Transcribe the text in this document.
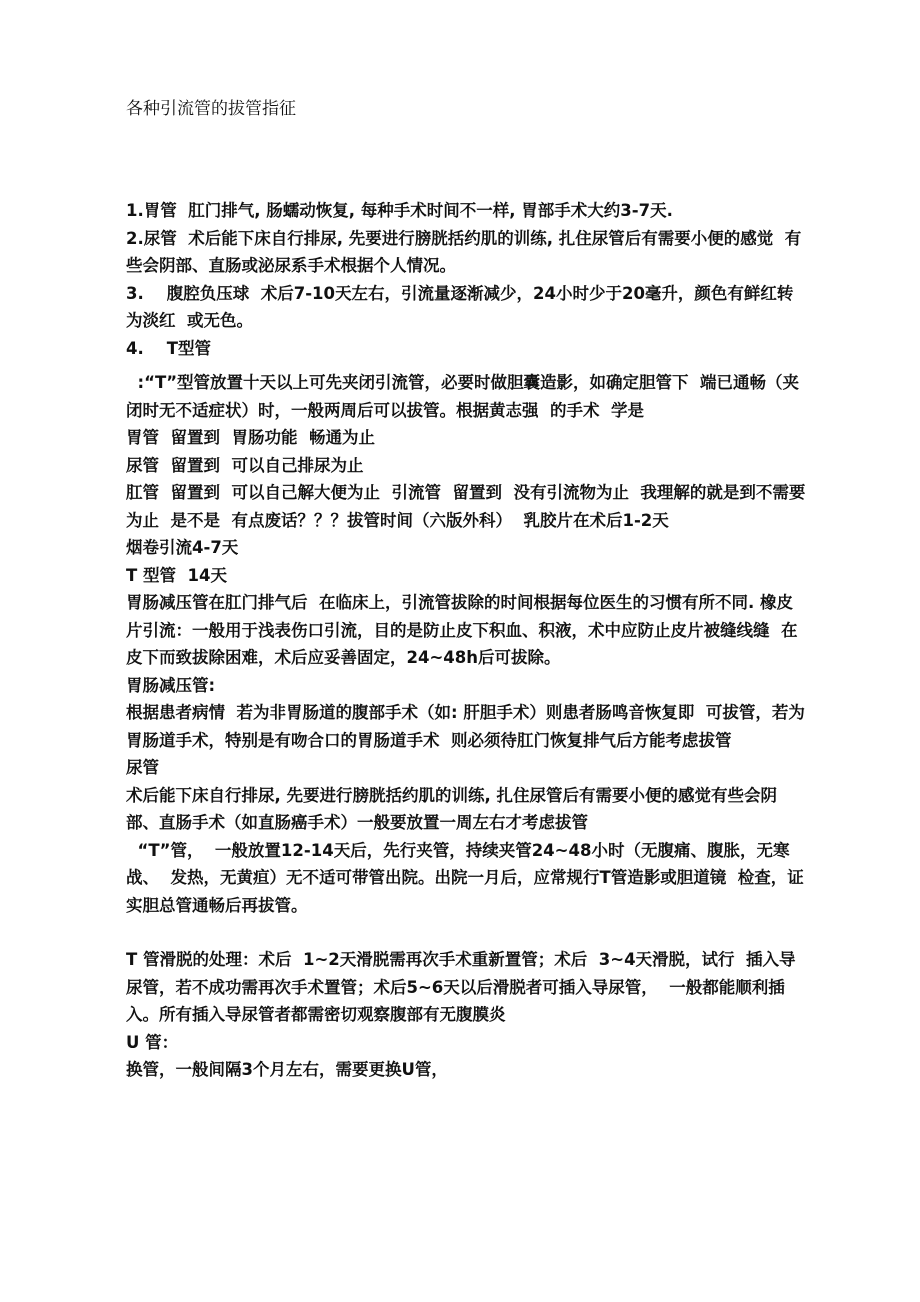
各种引流管的拔管指征
1.胃管  肛门排气, 肠蠕动恢复, 每种手术时间不一样, 胃部手术大约3-7天.
2.尿管  术后能下床自行排尿, 先要进行膀胱括约肌的训练, 扎住尿管后有需要小便的感觉  有些会阴部、直肠或泌尿系手术根据个人情况。
3.    腹腔负压球  术后7-10天左右，引流量逐渐减少，24小时少于20毫升，颜色有鲜红转为淡红  或无色。
4.    T型管
:“T”型管放置十天以上可先夹闭引流管，必要时做胆囊造影，如确定胆管下  端已通畅（夹闭时无不适症状）时，一般两周后可以拔管。根据黄志强  的手术  学是
胃管  留置到  胃肠功能  畅通为止
尿管  留置到  可以自己排尿为止
肛管  留置到  可以自己解大便为止  引流管  留置到  没有引流物为止  我理解的就是到不需要  为止  是不是  有点废话？？？拔管时间（六版外科）  乳胶片在术后1-2天
烟卷引流4-7天
T 型管  14天
胃肠减压管在肛门排气后  在临床上，引流管拔除的时间根据每位医生的习惯有所不同. 橡皮片引流：一般用于浅表伤口引流，目的是防止皮下积血、积液，术中应防止皮片被缝线缝  在皮下而致拔除困难，术后应妥善固定，24~48h后可拔除。
胃肠减压管:
根据患者病情  若为非胃肠道的腹部手术（如: 肝胆手术）则患者肠鸣音恢复即  可拔管，若为胃肠道手术，特别是有吻合口的胃肠道手术  则必须待肛门恢复排气后方能考虑拔管
尿管
术后能下床自行排尿, 先要进行膀胱括约肌的训练, 扎住尿管后有需要小便的感觉有些会阴部、直肠手术（如直肠癌手术）一般要放置一周左右才考虑拔管
“T”管，  一般放置12-14天后，先行夹管，持续夹管24~48小时（无腹痛、腹胀，无寒战、  发热，无黄疸）无不适可带管出院。出院一月后，应常规行T管造影或胆道镜  检查，证实胆总管通畅后再拔管。
T 管滑脱的处理：术后  1~2天滑脱需再次手术重新置管；术后  3~4天滑脱，试行  插入导尿管，若不成功需再次手术置管；术后5~6天以后滑脱者可插入导尿管，  一般都能顺利插入。所有插入导尿管者都需密切观察腹部有无腹膜炎
U 管：
换管，一般间隔3个月左右，需要更换U管，
